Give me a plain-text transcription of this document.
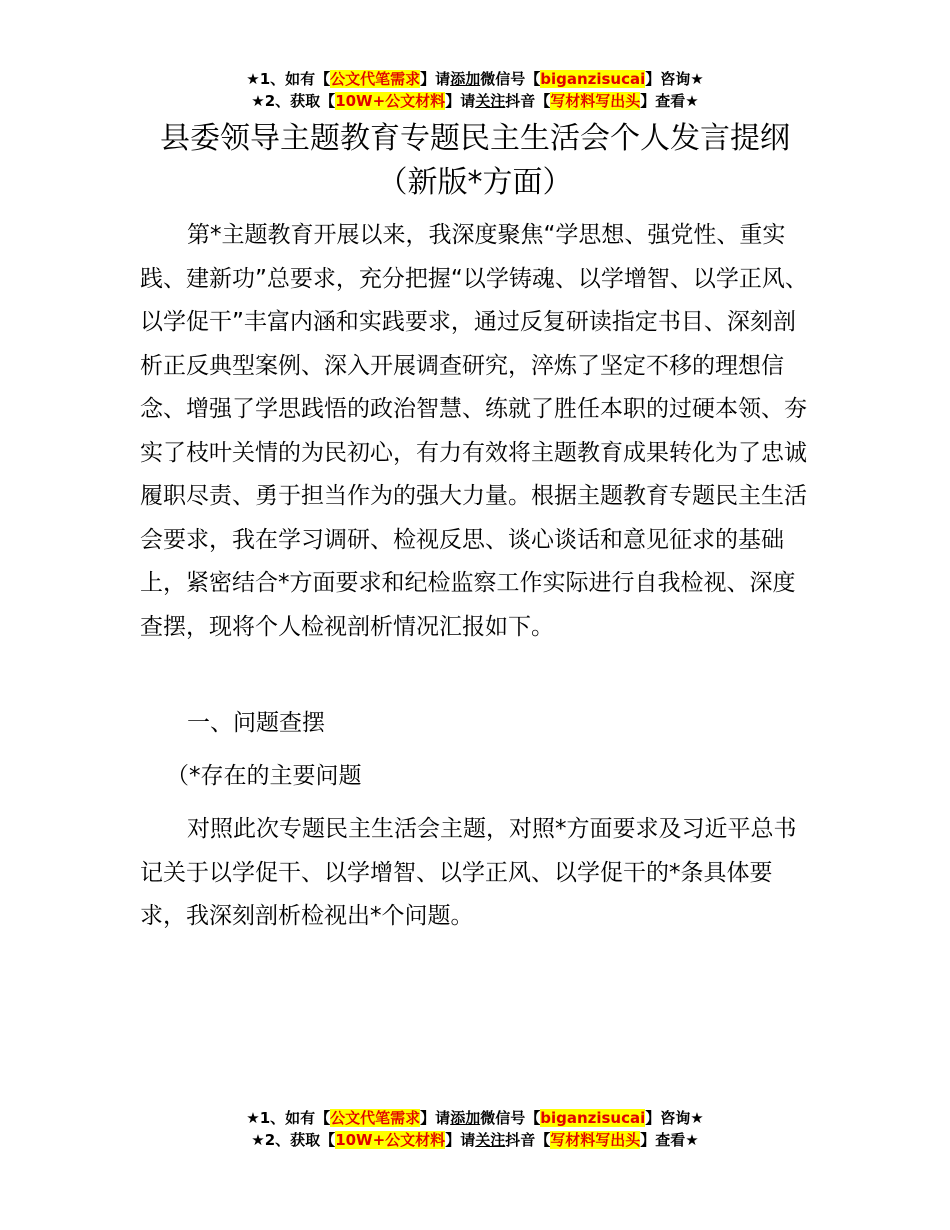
★1、如有【公文代笔需求】请添加微信号【biganzisucai】咨询★
★2、获取【10W+公文材料】请关注抖音【写材料写出头】查看★
县委领导主题教育专题民主生活会个人发言提纲（新版*方面）

第*主题教育开展以来，我深度聚焦“学思想、强党性、重实践、建新功”总要求，充分把握“以学铸魂、以学增智、以学正风、以学促干”丰富内涵和实践要求，通过反复研读指定书目、深刻剖析正反典型案例、深入开展调查研究，淬炼了坚定不移的理想信念、增强了学思践悟的政治智慧、练就了胜任本职的过硬本领、夯实了枝叶关情的为民初心，有力有效将主题教育成果转化为了忠诚履职尽责、勇于担当作为的强大力量。根据主题教育专题民主生活会要求，我在学习调研、检视反思、谈心谈话和意见征求的基础上，紧密结合*方面要求和纪检监察工作实际进行自我检视、深度查摆，现将个人检视剖析情况汇报如下。

一、问题查摆
（*存在的主要问题

对照此次专题民主生活会主题，对照*方面要求及习近平总书记关于以学促干、以学增智、以学正风、以学促干的*条具体要求，我深刻剖析检视出*个问题。

★1、如有【公文代笔需求】请添加微信号【biganzisucai】咨询★
★2、获取【10W+公文材料】请关注抖音【写材料写出头】查看★
